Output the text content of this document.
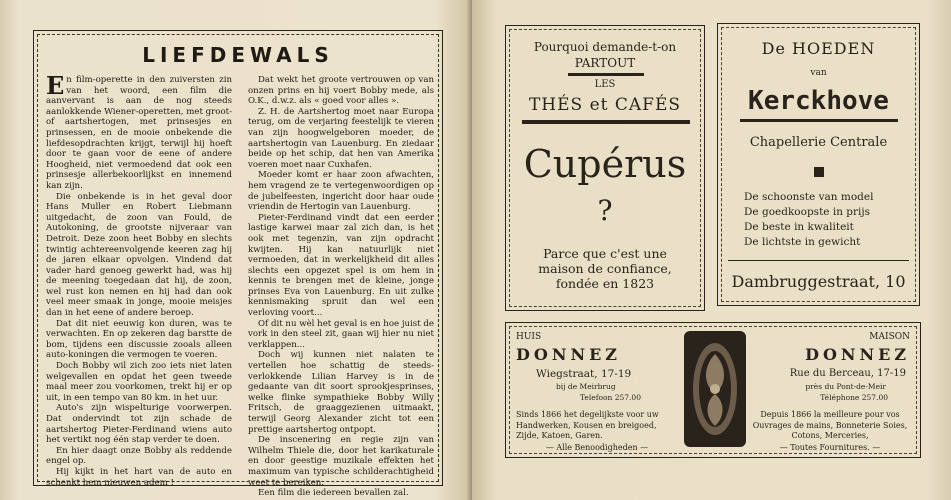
LIEFDEWALS

En film-operette in den zuiversten zin van het woord, een film die aanvervant is aan de nog steeds aanlokkende Wiener-operetten, met groot- of aartshertogen, met prinsesjes en prinsessen, en de mooie onbekende die liefdesopdrachten krijgt, terwijl hij hoeft door te gaan voor de eene of andere Hoogheid, niet vermoedend dat ook een prinsesje allerbekoorlijkst en innemend kan zijn.

Die onbekende is in het geval door Hans Muller en Robert Liebmann uitgedacht, de zoon van Fould, de Autokoning, de grootste nijveraar van Detroit. Deze zoon heet Bobby en slechts twintig achtereenvolgende keeren zag hij de jaren elkaar opvolgen. Vindend dat vader hard genoeg gewerkt had, was hij de meening toegedaan dat hij, de zoon, wel rust kon nemen en hij had dan ook veel meer smaak in jonge, mooie meisjes dan in het eene of andere beroep.

Dat dit niet eeuwig kon duren, was te verwachten. En op zekeren dag barstte de bom, tijdens een discussie zooals alleen auto-koningen die vermogen te voeren.

Doch Bobby wil zich zoo iets niet laten welgevallen en opdat het geen tweede maal meer zou voorkomen, trekt hij er op uit, in een tempo van 80 km. in het uur.

Auto's zijn wispelturige voorwerpen. Dat ondervindt tot zijn schade de aartshertog Pieter-Ferdinand wiens auto het vertikt nog één stap verder te doen.

En hier daagt onze Bobby als reddende engel op.

Hij kijkt in het hart van de auto en schenkt hem nieuwen adem !

Dat wekt het groote vertrouwen op van onzen prins en hij voert Bobby mede, als O.K., d.w.z. als « goed voor alles ».

Z. H. de Aartshertog moet naar Europa terug, om de verjaring feestelijk te vieren van zijn hoogwelgeboren moeder, de aartshertogin van Lauenburg. En ziedaar beide op het schip, dat hen van Amerika voeren moet naar Cuxhafen.

Moeder komt er haar zoon afwachten, hem vragend ze te vertegenwoordigen op de jubelfeesten, ingericht door haar oude vriendin de Hertogin van Lauenburg.

Pieter-Ferdinand vindt dat een eerder lastige karwei maar zal zich dan, is het ook met tegenzin, van zijn opdracht kwijten. Hij kan natuurlijk niet vermoeden, dat in werkelijkheid dit alles slechts een opgezet spel is om hem in kennis te brengen met de kleine, jonge prinses Eva von Lauenburg. En uit zulke kennismaking spruit dan wel een verloving voort...

Of dit nu wèl het geval is en hoe juist de vork in den steel zit, gaan wij hier nu niet verklappen...

Doch wij kunnen niet nalaten te vertellen hoe schattig de steeds-verlokkende Lilian Harvey is in de gedaante van dit soort sprookjesprinses, welke flinke sympathieke Bobby Willy Fritsch, de graaggezienen uitmaakt, terwijl Georg Alexander zicht tot een prettige aartshertog ontpopt.

De inscenering en regie zijn van Wilhelm Thiele die, door het karikaturale en door geestige muzikale effekten het maximum van typische schilderachtigheid weet te bereiken.

Een film die iedereen bevallen zal.

Pourquoi demande-t-on
PARTOUT
LES
THÉS et CAFÉS
Cupérus
?
Parce que c'est une maison de confiance, fondée en 1823
De HOEDEN
van
Kerckhove
Chapellerie Centrale
De schoonste van model
De goedkoopste in prijs
De beste in kwaliteit
De lichtste in gewicht
Dambruggestraat, 10
HUIS
DONNEZ
Wiegstraat, 17-19
bij de Meirbrug
Telefoon 257.00
Sinds 1866 het degelijkste voor uw Handwerken, Kousen en breigoed, Zijde, Katoen, Garen.
— Alle Benoodigheden —
MAISON
DONNEZ
Rue du Berceau, 17-19
près du Pont-de-Meir
Téléphone 257.00
Depuis 1866 la meilleure pour vos Ouvrages de mains, Bonneterie Soies, Cotons, Merceries,
— Toutes Fournitures. —
